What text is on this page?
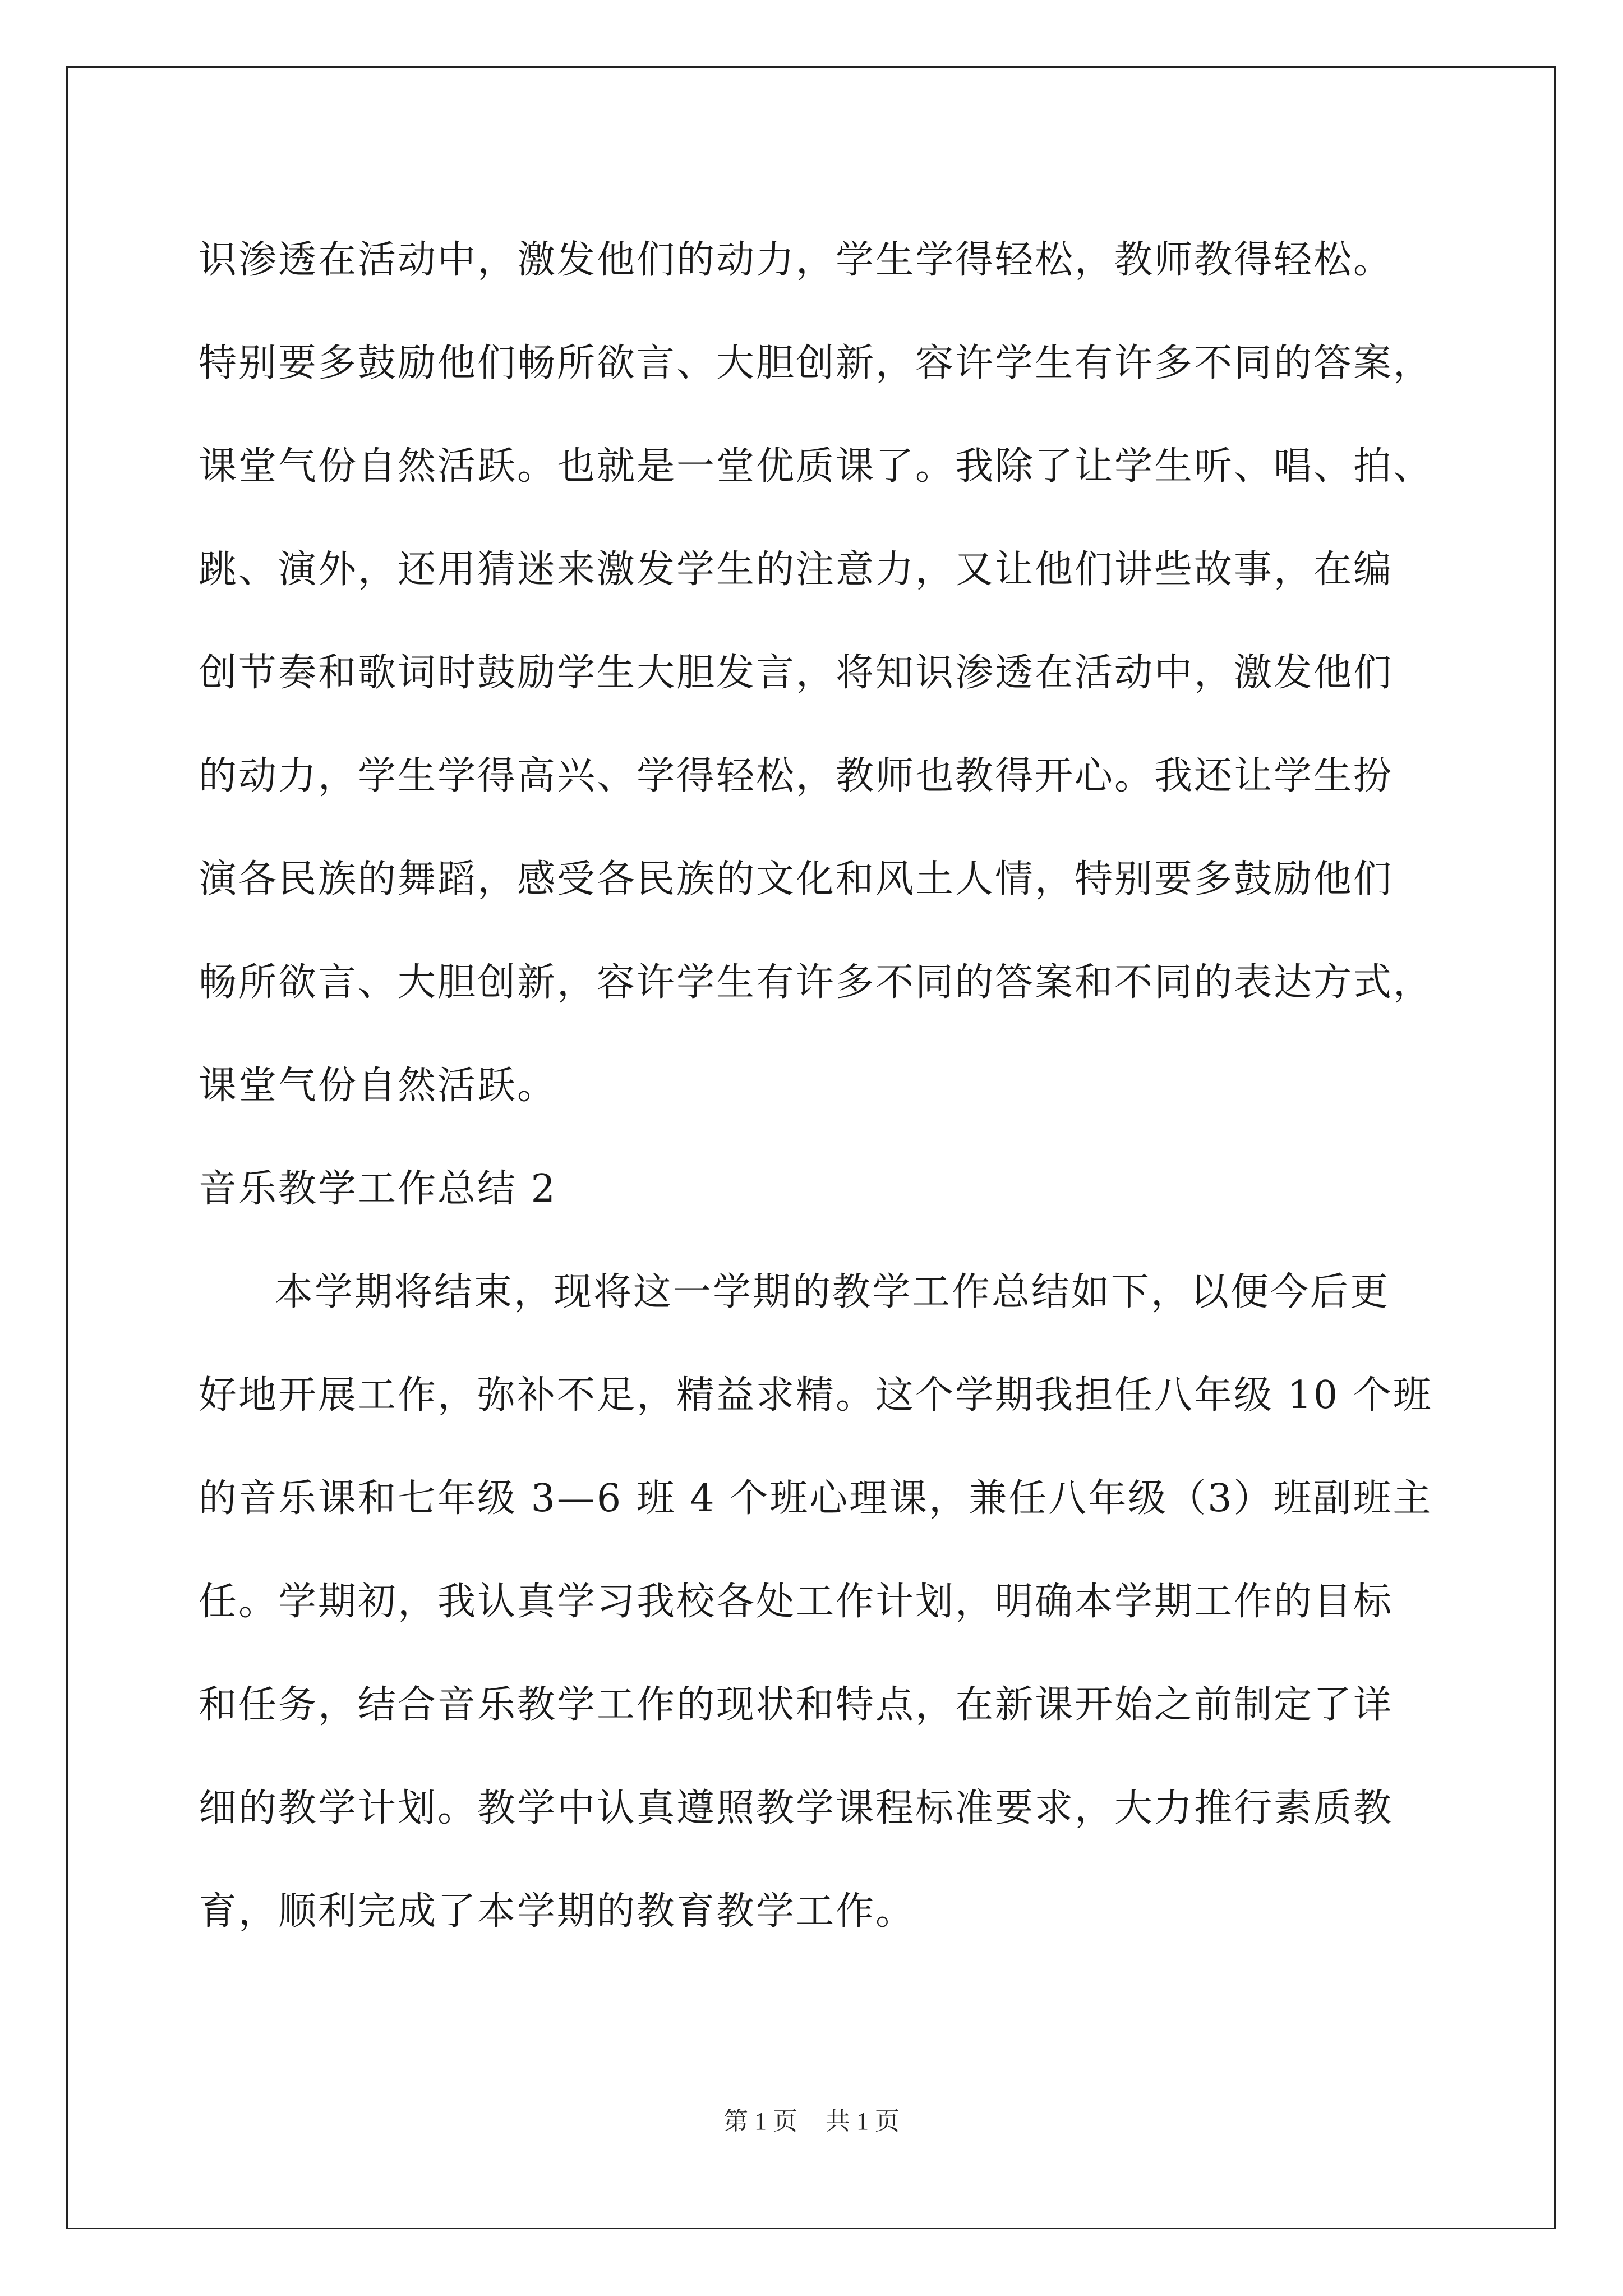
识渗透在活动中，激发他们的动力，学生学得轻松，教师教得轻松。
特别要多鼓励他们畅所欲言、大胆创新，容许学生有许多不同的答案，
课堂气份自然活跃。也就是一堂优质课了。我除了让学生听、唱、拍、
跳、演外，还用猜迷来激发学生的注意力，又让他们讲些故事，在编
创节奏和歌词时鼓励学生大胆发言，将知识渗透在活动中，激发他们
的动力，学生学得高兴、学得轻松，教师也教得开心。我还让学生扮
演各民族的舞蹈，感受各民族的文化和风土人情，特别要多鼓励他们
畅所欲言、大胆创新，容许学生有许多不同的答案和不同的表达方式，
课堂气份自然活跃。
音乐教学工作总结 2
本学期将结束，现将这一学期的教学工作总结如下，以便今后更
好地开展工作，弥补不足，精益求精。这个学期我担任八年级 10 个班
的音乐课和七年级 3—6 班 4 个班心理课，兼任八年级（3）班副班主
任。学期初，我认真学习我校各处工作计划，明确本学期工作的目标
和任务，结合音乐教学工作的现状和特点，在新课开始之前制定了详
细的教学计划。教学中认真遵照教学课程标准要求，大力推行素质教
育，顺利完成了本学期的教育教学工作。
第 1 页 共 1 页
